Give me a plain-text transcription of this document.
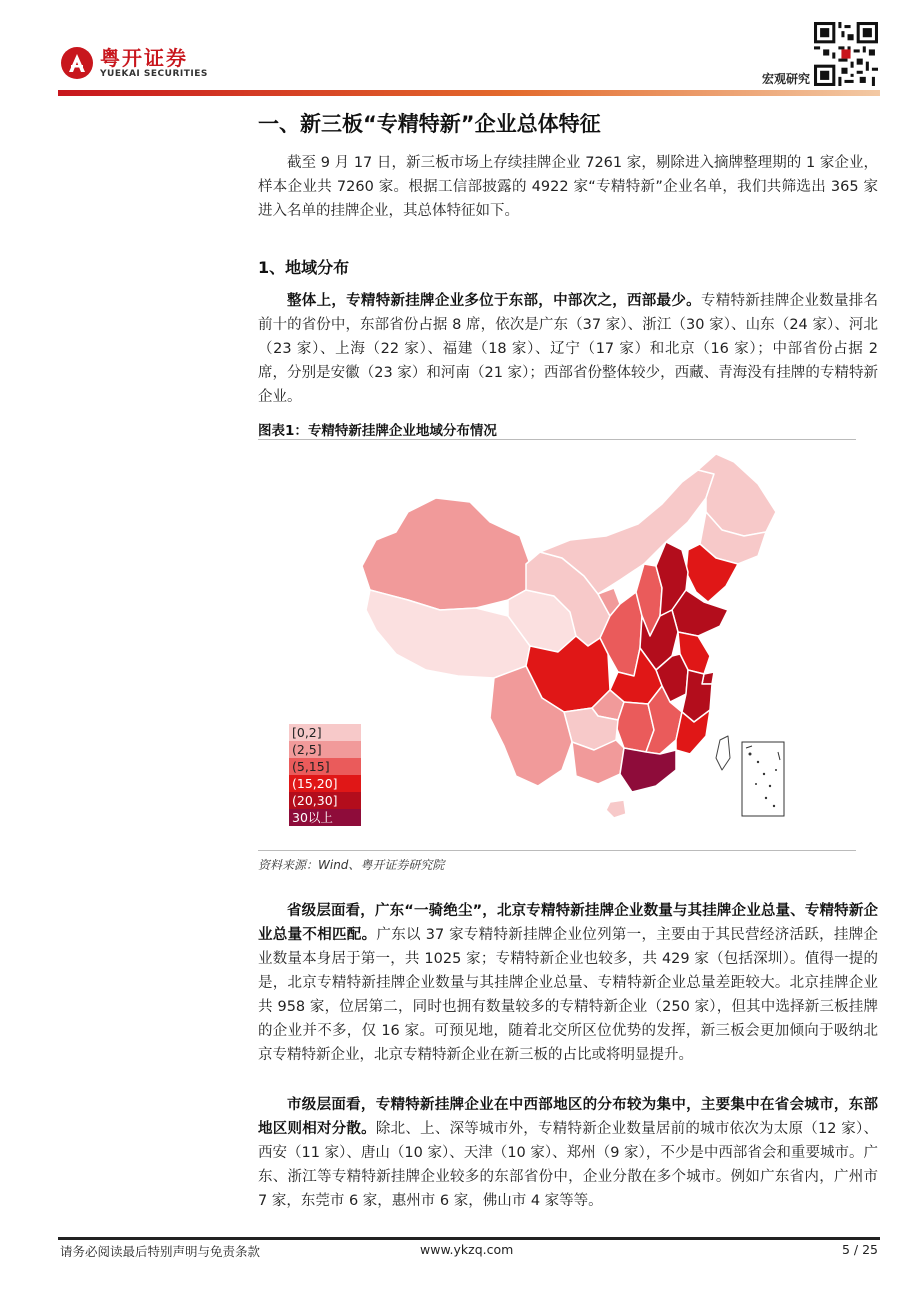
粤开证券
YUEKAI SECURITIES	宏观研究
一、新三板“专精特新”企业总体特征
截至 9 月 17 日，新三板市场上存续挂牌企业 7261 家，剔除进入摘牌整理期的 1 家企业，样本企业共 7260 家。根据工信部披露的 4922 家“专精特新”企业名单，我们共筛选出 365 家进入名单的挂牌企业，其总体特征如下。
1、地域分布
整体上，专精特新挂牌企业多位于东部，中部次之，西部最少。专精特新挂牌企业数量排名前十的省份中，东部省份占据 8 席，依次是广东（37 家）、浙江（30 家）、山东（24 家）、河北（23 家）、上海（22 家）、福建（18 家）、辽宁（17 家）和北京（16 家）；中部省份占据 2 席，分别是安徽（23 家）和河南（21 家）；西部省份整体较少，西藏、青海没有挂牌的专精特新企业。
图表1：专精特新挂牌企业地域分布情况
[0,2]
(2,5]
(5,15]
(15,20]
(20,30]
30以上
资料来源：Wind、粤开证券研究院
省级层面看，广东“一骑绝尘”，北京专精特新挂牌企业数量与其挂牌企业总量、专精特新企业总量不相匹配。广东以 37 家专精特新挂牌企业位列第一，主要由于其民营经济活跃，挂牌企业数量本身居于第一，共 1025 家；专精特新企业也较多，共 429 家（包括深圳）。值得一提的是，北京专精特新挂牌企业数量与其挂牌企业总量、专精特新企业总量差距较大。北京挂牌企业共 958 家，位居第二，同时也拥有数量较多的专精特新企业（250 家），但其中选择新三板挂牌的企业并不多，仅 16 家。可预见地，随着北交所区位优势的发挥，新三板会更加倾向于吸纳北京专精特新企业，北京专精特新企业在新三板的占比或将明显提升。
市级层面看，专精特新挂牌企业在中西部地区的分布较为集中，主要集中在省会城市，东部地区则相对分散。除北、上、深等城市外，专精特新企业数量居前的城市依次为太原（12 家）、西安（11 家）、唐山（10 家）、天津（10 家）、郑州（9 家），不少是中西部省会和重要城市。广东、浙江等专精特新挂牌企业较多的东部省份中，企业分散在多个城市。例如广东省内，广州市 7 家，东莞市 6 家，惠州市 6 家，佛山市 4 家等等。
请务必阅读最后特别声明与免责条款	www.ykzq.com	5 / 25
